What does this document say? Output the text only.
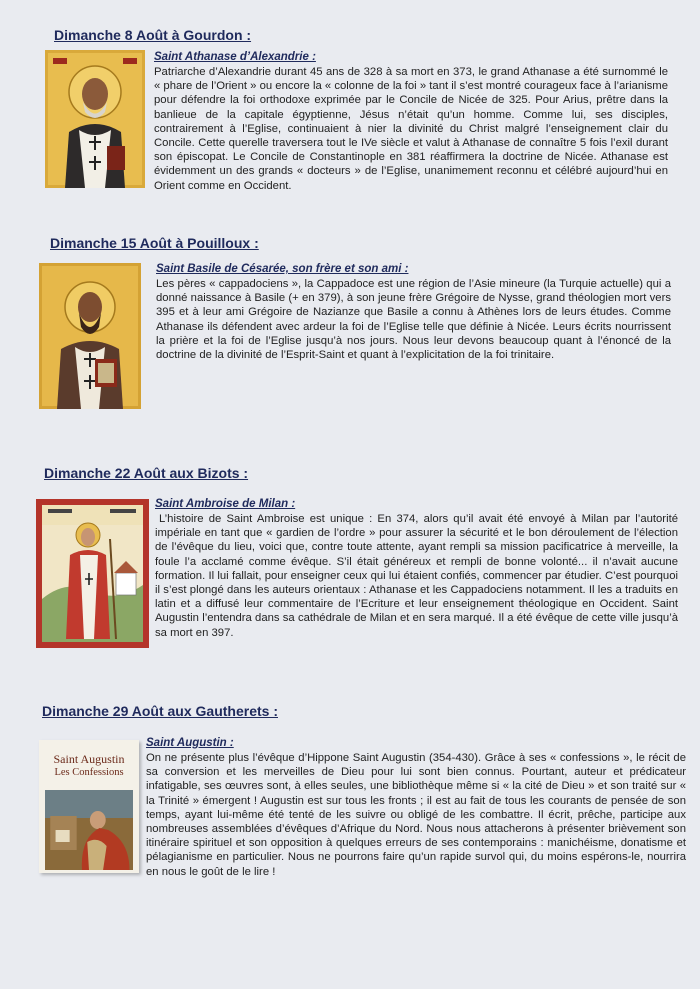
Dimanche 8 Août à Gourdon :
Saint Athanase d’Alexandrie :
Patriarche d’Alexandrie durant 45 ans de 328 à sa mort en 373, le grand Athanase a été surnommé le « phare de l’Orient » ou encore la « colonne de la foi » tant il s’est montré courageux face à l’arianisme pour défendre la foi orthodoxe exprimée par le Concile de Nicée de 325. Pour Arius, prêtre dans la banlieue de la capitale égyptienne, Jésus n’était qu’un homme. Comme lui, ses disciples, contrairement à l’Eglise, continuaient à nier la divinité du Christ malgré l’enseignement clair du Concile. Cette querelle traversera tout le IVe siècle et valut à Athanase de connaître 5 fois l’exil durant son épiscopat. Le Concile de Constantinople en 381 réaffirmera la doctrine de Nicée. Athanase est évidemment un des grands « docteurs » de l’Eglise, unanimement reconnu et célébré aujourd’hui en Orient comme en Occident.
Dimanche 15 Août à Pouilloux :
Saint Basile de Césarée, son frère et son ami :
Les pères « cappadociens », la Cappadoce est une région de l’Asie mineure (la Turquie actuelle) qui a donné naissance à Basile (+ en 379), à son jeune frère Grégoire de Nysse, grand théologien mort vers 395 et à leur ami Grégoire de Nazianze que Basile a connu à Athènes lors de leurs études. Comme Athanase ils défendent avec ardeur la foi de l’Eglise telle que définie à Nicée. Leurs écrits nourrissent la prière et la foi de l’Eglise jusqu’à nos jours. Nous leur devons beaucoup quant à l’énoncé de la doctrine de la divinité de l’Esprit-Saint et quant à l’explicitation de la foi trinitaire.
Dimanche 22 Août aux Bizots :
Saint Ambroise de Milan :
L’histoire de Saint Ambroise est unique : En 374, alors qu’il avait été envoyé à Milan par l’autorité impériale en tant que « gardien de l’ordre » pour assurer la sécurité et le bon déroulement de l’élection de l’évêque du lieu, voici que, contre toute attente, ayant rempli sa mission pacificatrice à merveille, la foule l’a acclamé comme évêque. S’il était généreux et rempli de bonne volonté... il n’avait aucune formation. Il lui fallait, pour enseigner ceux qui lui étaient confiés, commencer par étudier. C’est pourquoi il s’est plongé dans les auteurs orientaux : Athanase et les Cappadociens notamment. Il les a traduits en latin et a diffusé leur commentaire de l’Ecriture et leur enseignement théologique en Occident. Saint Augustin l’entendra dans sa cathédrale de Milan et en sera marqué. Il a été évêque de cette ville jusqu’à sa mort en 397.
Dimanche 29 Août aux Gautherets :
Saint Augustin
Les Confessions
Saint Augustin :
On ne présente plus l’évêque d’Hippone Saint Augustin (354-430). Grâce à ses « confessions », le récit de sa conversion et les merveilles de Dieu pour lui sont bien connus. Pourtant, auteur et prédicateur infatigable, ses œuvres sont, à elles seules, une bibliothèque même si « la cité de Dieu » et son traité sur « la Trinité » émergent ! Augustin est sur tous les fronts ; il est au fait de tous les courants de pensée de son temps, ayant lui-même été tenté de les suivre ou obligé de les combattre. Il écrit, prêche, participe aux nombreuses assemblées d’évêques d’Afrique du Nord. Nous nous attacherons à présenter brièvement son itinéraire spirituel et son opposition à quelques erreurs de ses contemporains : manichéisme, donatisme et pélagianisme en particulier. Nous ne pourrons faire qu’un rapide survol qui, du moins espérons-le, nourrira en nous le goût de le lire !
